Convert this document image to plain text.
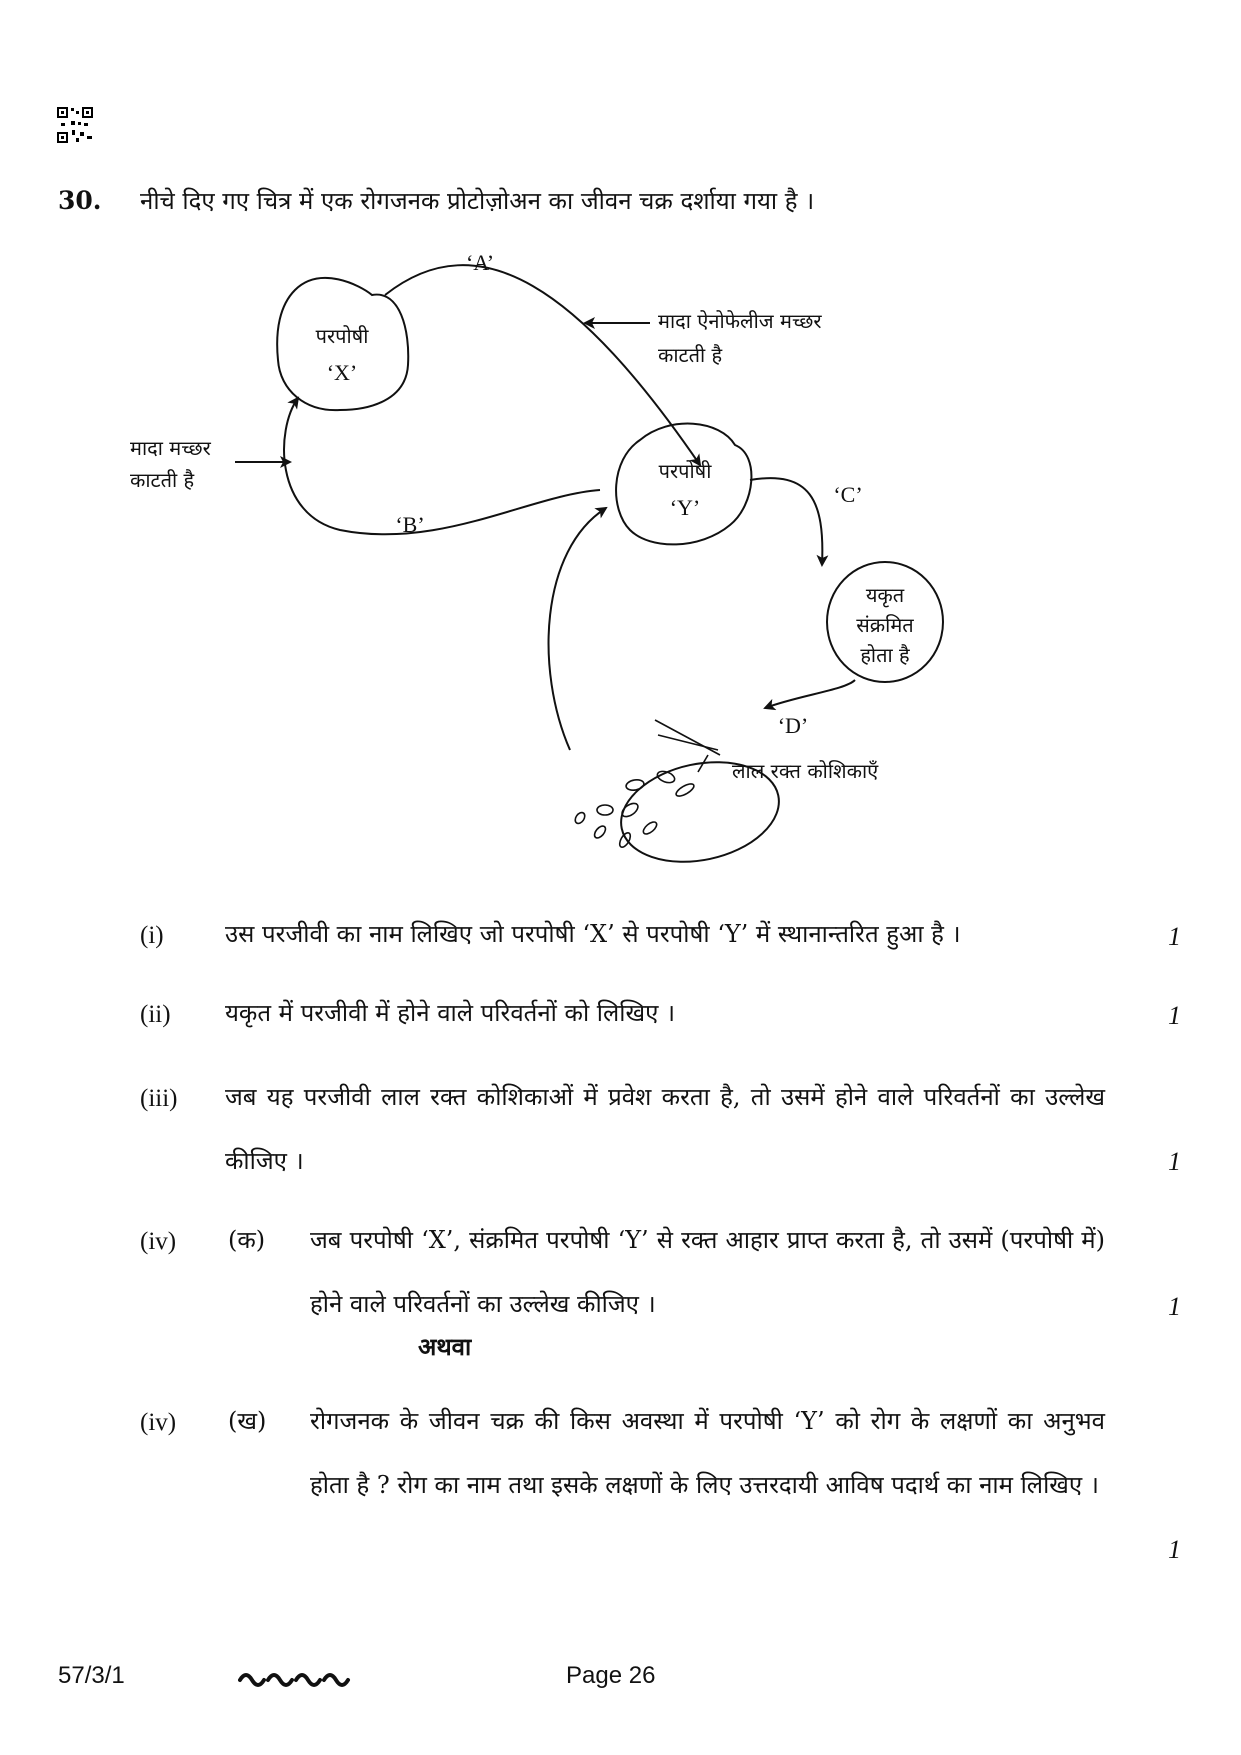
30. नीचे दिए गए चित्र में एक रोगजनक प्रोटोज़ोअन का जीवन चक्र दर्शाया गया है ।
परपोषी
‘X’
परपोषी
‘Y’
यकृत
संक्रमित
होता है
‘A’
‘B’
‘C’
‘D’
मादा ऐनोफेलीज मच्छर
काटती है
मादा मच्छर
काटती है
लाल रक्त कोशिकाएँ
(i)	उस परजीवी का नाम लिखिए जो परपोषी ‘X’ से परपोषी ‘Y’ में स्थानान्तरित हुआ है ।	1
(ii) यकृत में परजीवी में होने वाले परिवर्तनों को लिखिए ।	1
(iii) जब यह परजीवी लाल रक्त कोशिकाओं में प्रवेश करता है, तो उसमें होने वाले परिवर्तनों का उल्लेख कीजिए ।	1
(iv) (क) जब परपोषी ‘X’, संक्रमित परपोषी ‘Y’ से रक्त आहार प्राप्त करता है, तो उसमें (परपोषी में) होने वाले परिवर्तनों का उल्लेख कीजिए ।	1
अथवा
(iv) (ख) रोगजनक के जीवन चक्र की किस अवस्था में परपोषी ‘Y’ को रोग के लक्षणों का अनुभव होता है ? रोग का नाम तथा इसके लक्षणों के लिए उत्तरदायी आविष पदार्थ का नाम लिखिए ।
1
57/3/1	Page 26
